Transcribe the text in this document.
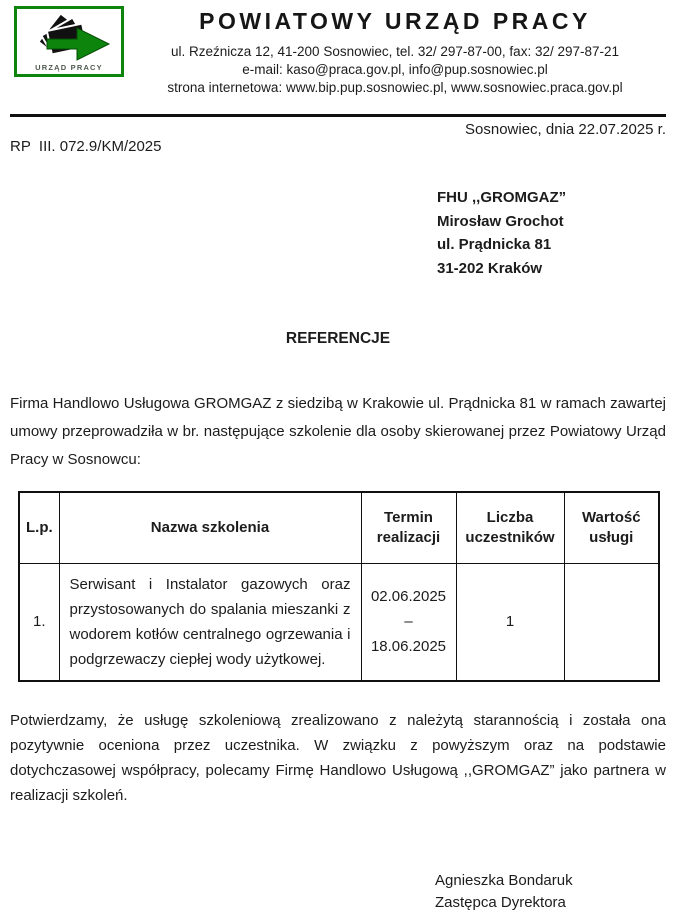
URZĄD PRACY
POWIATOWY URZĄD PRACY
ul. Rzeźnicza 12, 41-200 Sosnowiec, tel. 32/ 297-87-00, fax: 32/ 297-87-21
e-mail: kaso@praca.gov.pl, info@pup.sosnowiec.pl
strona internetowa: www.bip.pup.sosnowiec.pl, www.sosnowiec.praca.gov.pl
Sosnowiec, dnia 22.07.2025 r.
RP  III. 072.9/KM/2025
FHU ,,GROMGAZ”
Mirosław Grochot
ul. Prądnicka 81
31-202 Kraków
REFERENCJE

Firma Handlowo Usługowa GROMGAZ z siedzibą w Krakowie ul. Prądnicka 81 w ramach zawartej umowy przeprowadziła w br. następujące szkolenie dla osoby skierowanej przez Powiatowy Urząd Pracy w Sosnowcu:

L.p.	Nazwa szkolenia	Termin realizacji	Liczba uczestników	Wartość usługi
1.	Serwisant i Instalator gazowych oraz przystosowanych do spalania mieszanki z wodorem kotłów centralnego ogrzewania i podgrzewaczy ciepłej wody użytkowej.	02.06.2025
–
18.06.2025	1	

Potwierdzamy, że usługę szkoleniową zrealizowano z należytą starannością i została ona pozytywnie oceniona przez uczestnika. W związku z powyższym oraz na podstawie dotychczasowej współpracy, polecamy Firmę Handlowo Usługową ,,GROMGAZ” jako partnera w realizacji szkoleń.

Agnieszka Bondaruk
Zastępca Dyrektora
